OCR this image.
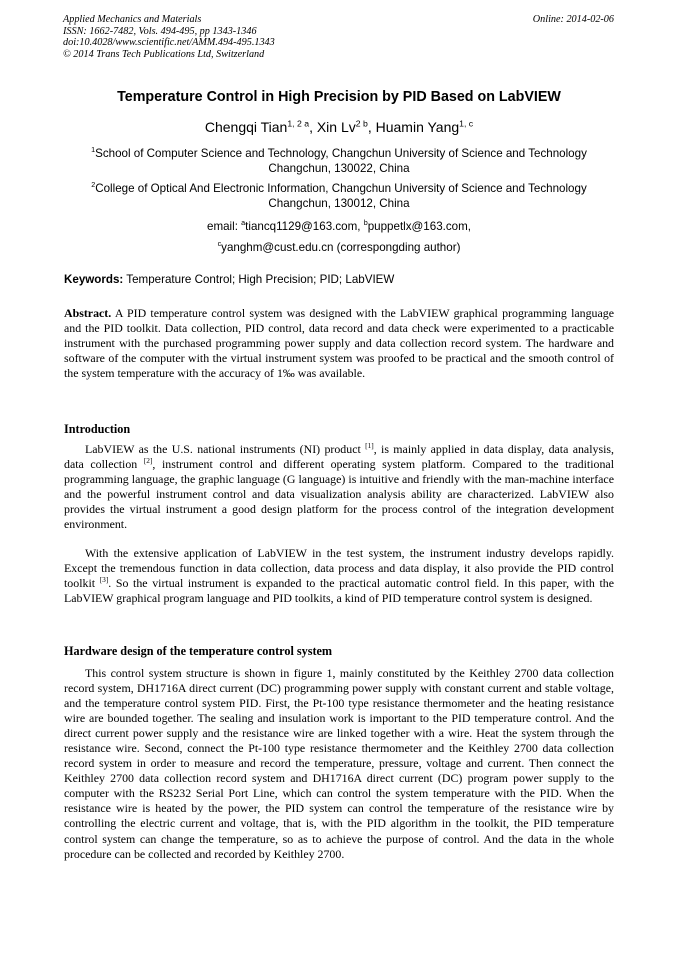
Applied Mechanics and Materials
ISSN: 1662-7482, Vols. 494-495, pp 1343-1346
doi:10.4028/www.scientific.net/AMM.494-495.1343
© 2014 Trans Tech Publications Ltd, Switzerland
Online: 2014-02-06
Temperature Control in High Precision by PID Based on LabVIEW
Chengqi Tian$^{1, 2 a}$, Xin $Lv^{2 b}$, Huamin Yang$^{1, c}$
$^1$School of Computer Science and Technology, Changchun University of Science and Technology
Changchun, 130022, China
$^2$College of Optical And Electronic Information, Changchun University of Science and Technology
Changchun, 130012, China
email: $^a$tiancq1129@163.com, $^b$puppetlx@163.com,
$^c$yanghm@cust.edu.cn (correspongding author)
Keywords: Temperature Control; High Precision; PID; LabVIEW
Abstract. A PID temperature control system was designed with the LabVIEW graphical programming language and the PID toolkit. Data collection, PID control, data record and data check were experimented to a practicable instrument with the purchased programming power supply and data collection record system. The hardware and software of the computer with the virtual instrument system was proofed to be practical and the smooth control of the system temperature with the accuracy of 1‰ was available.
Introduction
LabVIEW as the U.S. national instruments (NI) product [1], is mainly applied in data display, data analysis, data collection [2], instrument control and different operating system platform. Compared to the traditional programming language, the graphic language (G language) is intuitive and friendly with the man-machine interface and the powerful instrument control and data visualization analysis ability are characterized. LabVIEW also provides the virtual instrument a good design platform for the process control of the integration development environment.
With the extensive application of LabVIEW in the test system, the instrument industry develops rapidly. Except the tremendous function in data collection, data process and data display, it also provide the PID control toolkit [3]. So the virtual instrument is expanded to the practical automatic control field. In this paper, with the LabVIEW graphical program language and PID toolkits, a kind of PID temperature control system is designed.
Hardware design of the temperature control system
This control system structure is shown in figure 1, mainly constituted by the Keithley 2700 data collection record system, DH1716A direct current (DC) programming power supply with constant current and stable voltage, and the temperature control system PID. First, the Pt-100 type resistance thermometer and the heating resistance wire are bounded together. The sealing and insulation work is important to the PID temperature control. And the direct current power supply and the resistance wire are linked together with a wire. Heat the system through the resistance wire. Second, connect the Pt-100 type resistance thermometer and the Keithley 2700 data collection record system in order to measure and record the temperature, pressure, voltage and current. Then connect the Keithley 2700 data collection record system and DH1716A direct current (DC) program power supply to the computer with the RS232 Serial Port Line, which can control the system temperature with the PID. When the resistance wire is heated by the power, the PID system can control the temperature of the resistance wire by controlling the electric current and voltage, that is, with the PID algorithm in the toolkit, the PID temperature control system can change the temperature, so as to achieve the purpose of control. And the data in the whole procedure can be collected and recorded by Keithley 2700.
